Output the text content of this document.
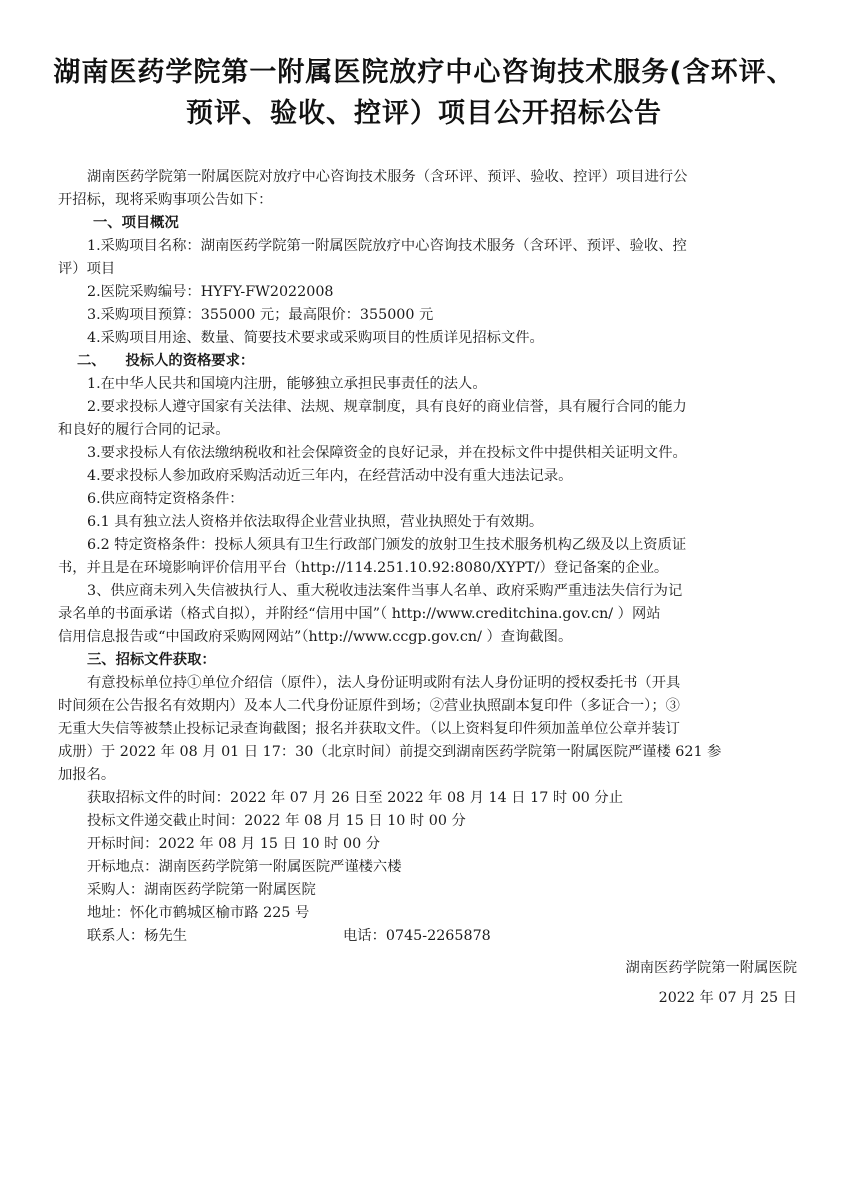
湖南医药学院第一附属医院放疗中心咨询技术服务(含环评、
预评、验收、控评）项目公开招标公告
湖南医药学院第一附属医院对放疗中心咨询技术服务（含环评、预评、验收、控评）项目进行公
开招标，现将采购事项公告如下：
一、项目概况
1.采购项目名称：湖南医药学院第一附属医院放疗中心咨询技术服务（含环评、预评、验收、控
评）项目
2.医院采购编号：HYFY-FW2022008
3.采购项目预算：355000 元；最高限价：355000 元
4.采购项目用途、数量、简要技术要求或采购项目的性质详见招标文件。
二、    投标人的资格要求：
1.在中华人民共和国境内注册，能够独立承担民事责任的法人。
2.要求投标人遵守国家有关法律、法规、规章制度，具有良好的商业信誉，具有履行合同的能力
和良好的履行合同的记录。
3.要求投标人有依法缴纳税收和社会保障资金的良好记录，并在投标文件中提供相关证明文件。
4.要求投标人参加政府采购活动近三年内，在经营活动中没有重大违法记录。
6.供应商特定资格条件：
6.1 具有独立法人资格并依法取得企业营业执照，营业执照处于有效期。
6.2 特定资格条件：投标人须具有卫生行政部门颁发的放射卫生技术服务机构乙级及以上资质证
书，并且是在环境影响评价信用平台（http://114.251.10.92:8080/XYPT/）登记备案的企业。
3、供应商未列入失信被执行人、重大税收违法案件当事人名单、政府采购严重违法失信行为记
录名单的书面承诺（格式自拟），并附经“信用中国”（ http://www.creditchina.gov.cn/ ）网站
信用信息报告或“中国政府采购网网站”（http://www.ccgp.gov.cn/ ）查询截图。
三、招标文件获取：
有意投标单位持①单位介绍信（原件），法人身份证明或附有法人身份证明的授权委托书（开具
时间须在公告报名有效期内）及本人二代身份证原件到场；②营业执照副本复印件（多证合一）；③
无重大失信等被禁止投标记录查询截图；报名并获取文件。（以上资料复印件须加盖单位公章并装订
成册）于 2022 年 08 月 01 日 17：30（北京时间）前提交到湖南医药学院第一附属医院严谨楼 621 参
加报名。
获取招标文件的时间：2022 年 07 月 26 日至 2022 年 08 月 14 日 17 时 00 分止
投标文件递交截止时间：2022 年 08 月 15 日 10 时 00 分
开标时间：2022 年 08 月 15 日 10 时 00 分
开标地点：湖南医药学院第一附属医院严谨楼六楼
采购人：湖南医药学院第一附属医院
地址：怀化市鹤城区榆市路 225 号
联系人：杨先生	电话：0745-2265878
湖南医药学院第一附属医院
2022 年 07 月 25 日
